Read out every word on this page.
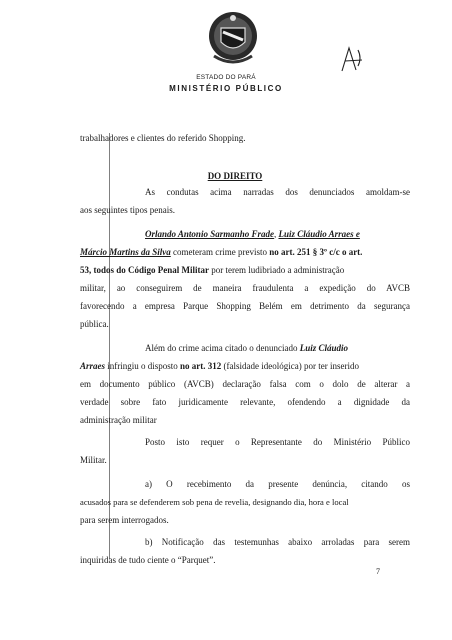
ESTADO DO PARÁ
MINISTÉRIO PÚBLICO
trabalhadores e clientes do referido Shopping.
DO DIREITO
As condutas acima narradas dos denunciados amoldam-se
aos seguintes tipos penais.
Orlando Antonio Sarmanho Frade, Luiz Cláudio Arraes e
Márcio Martins da Silva cometeram crime previsto no art. 251 § 3º c/c o art.
53, todos do Código Penal Militar por terem ludibriado a administração
militar, ao conseguirem de maneira fraudulenta a expedição do AVCB
favorecendo a empresa Parque Shopping Belém em detrimento da segurança
pública.
Além do crime acima citado o denunciado Luiz Cláudio
Arraes infringiu o disposto no art. 312 (falsidade ideológica) por ter inserido
em documento público (AVCB) declaração falsa com o dolo de alterar a
verdade sobre fato juridicamente relevante, ofendendo a dignidade da
administração militar
Posto isto requer o Representante do Ministério Público
Militar.
a) O recebimento da presente denúncia, citando os
acusados para se defenderem sob pena de revelia, designando dia, hora e local
para serem interrogados.
b) Notificação das testemunhas abaixo arroladas para serem
inquiridas de tudo ciente o “Parquet”.
7
